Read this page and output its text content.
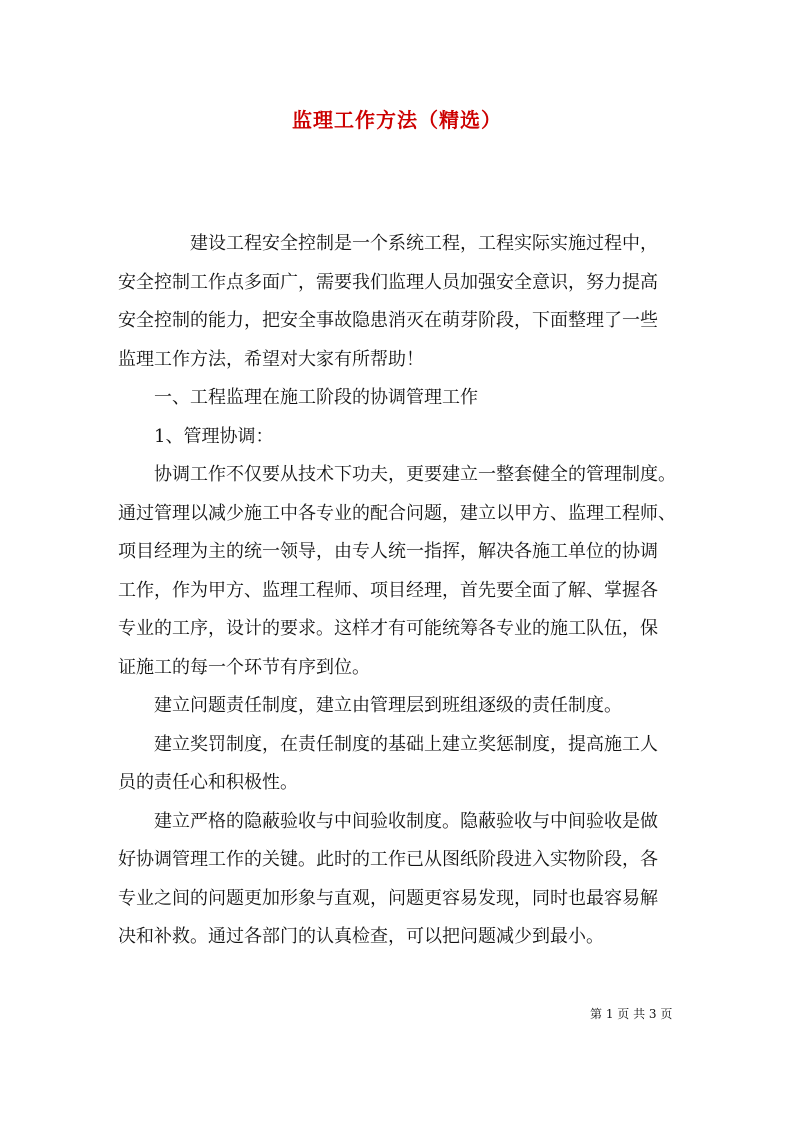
监理工作方法（精选）

建设工程安全控制是一个系统工程，工程实际实施过程中，

安全控制工作点多面广，需要我们监理人员加强安全意识，努力提高

安全控制的能力，把安全事故隐患消灭在萌芽阶段，下面整理了一些

监理工作方法，希望对大家有所帮助！

一、工程监理在施工阶段的协调管理工作

1、管理协调：

协调工作不仅要从技术下功夫，更要建立一整套健全的管理制度。

通过管理以减少施工中各专业的配合问题，建立以甲方、监理工程师、

项目经理为主的统一领导，由专人统一指挥，解决各施工单位的协调

工作，作为甲方、监理工程师、项目经理，首先要全面了解、掌握各

专业的工序，设计的要求。这样才有可能统筹各专业的施工队伍，保

证施工的每一个环节有序到位。

建立问题责任制度，建立由管理层到班组逐级的责任制度。

建立奖罚制度，在责任制度的基础上建立奖惩制度，提高施工人

员的责任心和积极性。

建立严格的隐蔽验收与中间验收制度。隐蔽验收与中间验收是做

好协调管理工作的关键。此时的工作已从图纸阶段进入实物阶段，各

专业之间的问题更加形象与直观，问题更容易发现，同时也最容易解

决和补救。通过各部门的认真检查，可以把问题减少到最小。

第 1 页 共 3 页
